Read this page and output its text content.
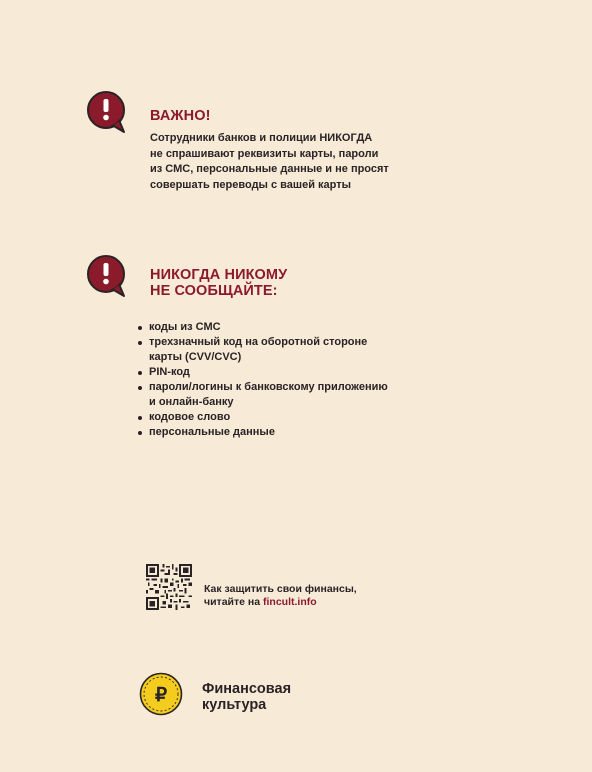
ВАЖНО!
Сотрудники банков и полиции НИКОГДА
не спрашивают реквизиты карты, пароли
из СМС, персональные данные и не просят
совершать переводы с вашей карты
НИКОГДА НИКОМУ
НЕ СООБЩАЙТЕ:
коды из СМС
трехзначный код на оборотной стороне
карты (CVV/CVC)
PIN-код
пароли/логины к банковскому приложению
и онлайн-банку
кодовое слово
персональные данные
Как защитить свои финансы,
читайте на fincult.info
₽ Финансовая
культура
